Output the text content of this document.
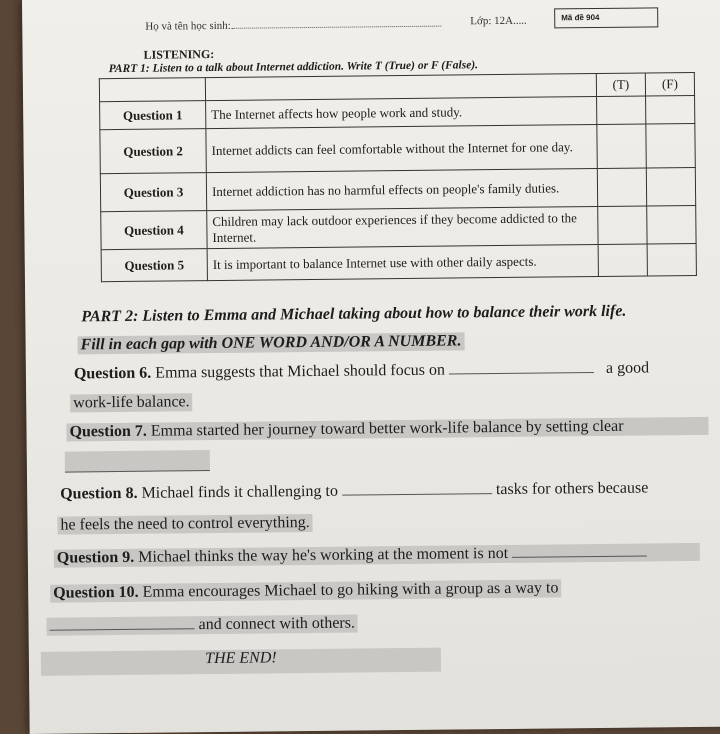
Họ và tên học sinh:	Lớp: 12A.....	Mã đề 904
LISTENING:
PART 1: Listen to a talk about Internet addiction. Write T (True) or F (False).
		(T)	(F)
Question 1	The Internet affects how people work and study.		
Question 2	Internet addicts can feel comfortable without the Internet for one day.		
Question 3	Internet addiction has no harmful effects on people's family duties.		
Question 4	Children may lack outdoor experiences if they become addicted to the Internet.		
Question 5	It is important to balance Internet use with other daily aspects.		
PART 2: Listen to Emma and Michael taking about how to balance their work life.
Fill in each gap with ONE WORD AND/OR A NUMBER.
Question 6. Emma suggests that Michael should focus on	a good
work-life balance.
Question 7. Emma started her journey toward better work-life balance by setting clear
Question 8. Michael finds it challenging to	tasks for others because
he feels the need to control everything.
Question 9. Michael thinks the way he's working at the moment is not
Question 10. Emma encourages Michael to go hiking with a group as a way to
and connect with others.
THE END!
